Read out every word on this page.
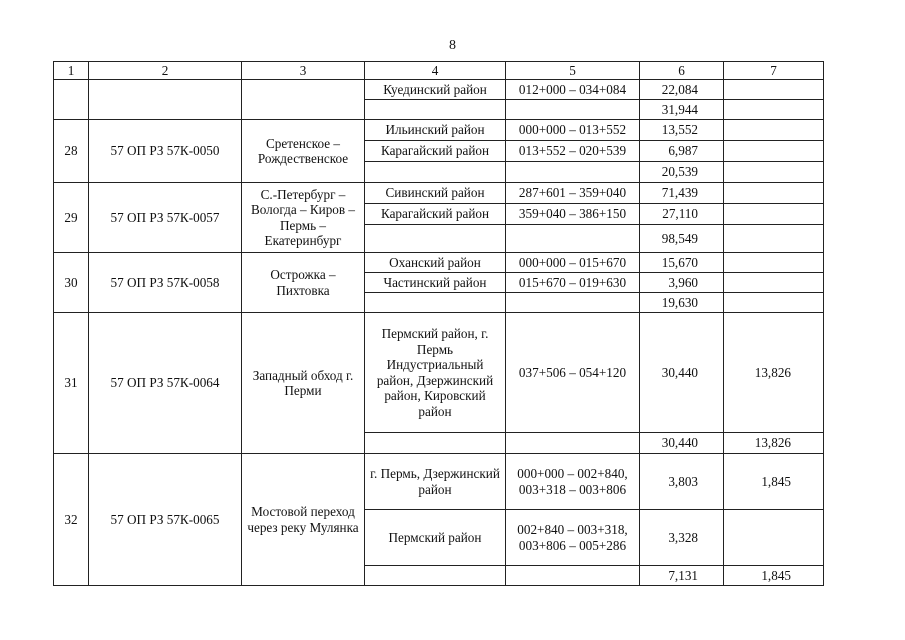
8
1	2	3	4	5	6	7
			Куединский район	012+000 – 034+084	22,084	
					31,944	
28	57 ОП РЗ 57К-0050	Сретенское – Рождественское	Ильинский район	000+000 – 013+552	13,552	
			Карагайский район	013+552 – 020+539	6,987	
					20,539	
29	57 ОП РЗ 57К-0057	С.-Петербург – Вологда – Киров – Пермь – Екатеринбург	Сивинский район	287+601 – 359+040	71,439	
			Карагайский район	359+040 – 386+150	27,110	
					98,549	
30	57 ОП РЗ 57К-0058	Острожка – Пихтовка	Оханский район	000+000 – 015+670	15,670	
			Частинский район	015+670 – 019+630	3,960	
					19,630	
31	57 ОП РЗ 57К-0064	Западный обход г. Перми	Пермский район, г. Пермь Индустриальный район, Дзержинский район, Кировский район	037+506 – 054+120	30,440	13,826
					30,440	13,826
32	57 ОП РЗ 57К-0065	Мостовой переход через реку Мулянка	г. Пермь, Дзержинский район	000+000 – 002+840, 003+318 – 003+806	3,803	1,845
			Пермский район	002+840 – 003+318, 003+806 – 005+286	3,328	
					7,131	1,845
